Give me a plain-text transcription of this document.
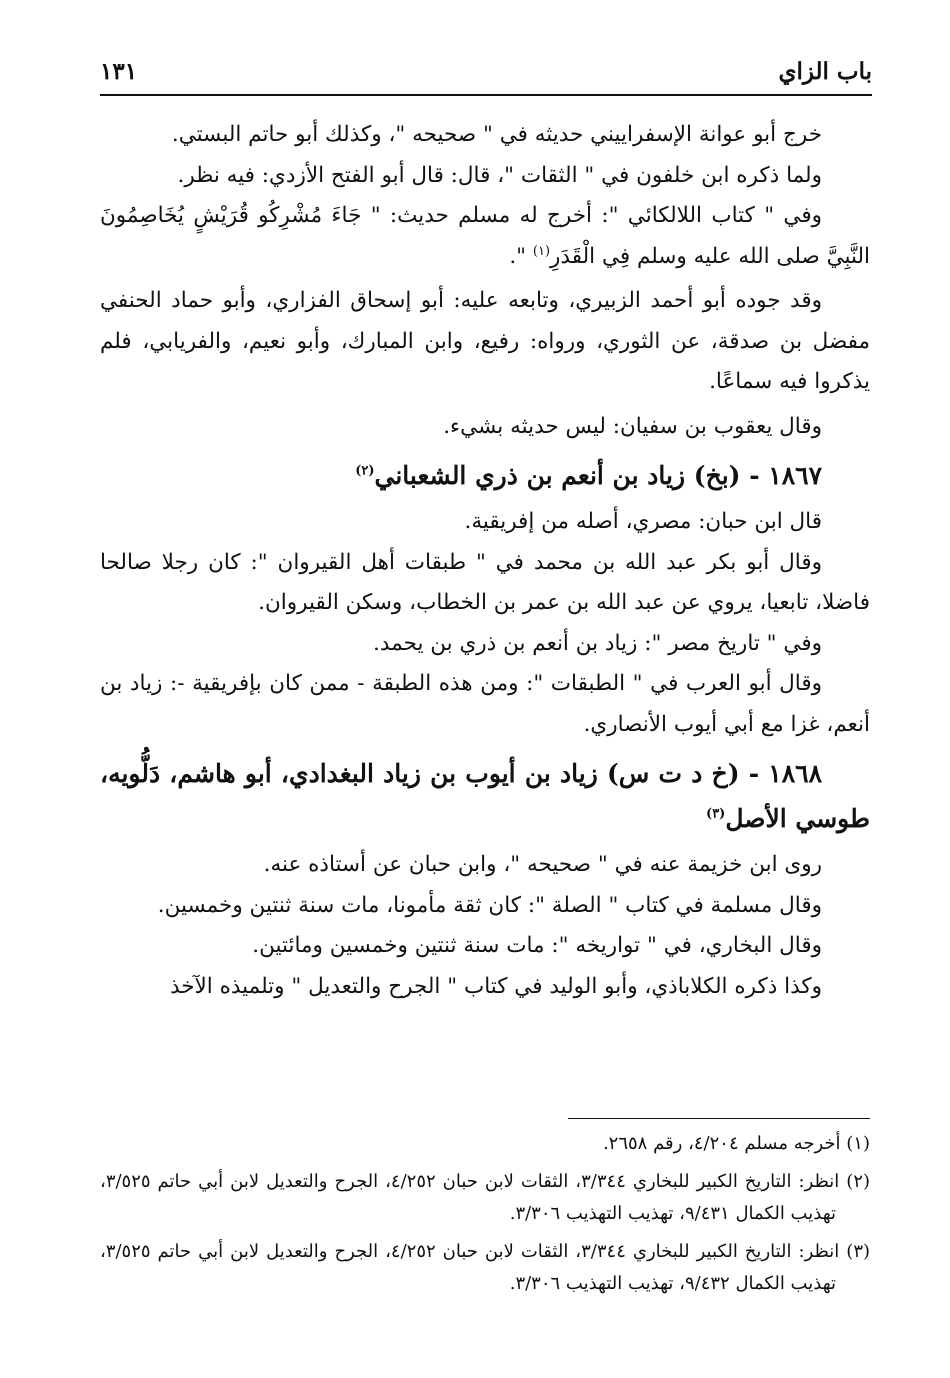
باب الزاي
١٣١

خرج أبو عوانة الإسفراييني حديثه في " صحيحه "، وكذلك أبو حاتم البستي.

ولما ذكره ابن خلفون في " الثقات "، قال: قال أبو الفتح الأزدي: فيه نظر.

وفي " كتاب اللالكائي ": أخرج له مسلم حديث: " جَاءَ مُشْرِكُو قُرَيْشٍ يُخَاصِمُونَ النَّبِيَّ صلى الله عليه وسلم فِي الْقَدَرِ$^{(١)}$ ".

وقد جوده أبو أحمد الزبيري، وتابعه عليه: أبو إسحاق الفزاري، وأبو حماد الحنفي مفضل بن صدقة، عن الثوري، ورواه: رفيع، وابن المبارك، وأبو نعيم، والفريابي، فلم يذكروا فيه سماعًا.

وقال يعقوب بن سفيان: ليس حديثه بشيء.

١٨٦٧ - (بخ) زياد بن أنعم بن ذري الشعباني$^{(٢)}$

قال ابن حبان: مصري، أصله من إفريقية.

وقال أبو بكر عبد الله بن محمد في " طبقات أهل القيروان ": كان رجلا صالحا فاضلا، تابعيا، يروي عن عبد الله بن عمر بن الخطاب، وسكن القيروان.

وفي " تاريخ مصر ": زياد بن أنعم بن ذري بن يحمد.

وقال أبو العرب في " الطبقات ": ومن هذه الطبقة - ممن كان بإفريقية -: زياد بن أنعم، غزا مع أبي أيوب الأنصاري.

١٨٦٨ - (خ د ت س) زياد بن أيوب بن زياد البغدادي، أبو هاشم، دَلُّويه، طوسي الأصل$^{(٣)}$

روى ابن خزيمة عنه في " صحيحه "، وابن حبان عن أستاذه عنه.

وقال مسلمة في كتاب " الصلة ": كان ثقة مأمونا، مات سنة ثنتين وخمسين.

وقال البخاري، في " تواريخه ": مات سنة ثنتين وخمسين ومائتين.

وكذا ذكره الكلاباذي، وأبو الوليد في كتاب " الجرح والتعديل " وتلميذه الآخذ

(١) أخرجه مسلم ٤/٢٠٤، رقم ٢٦٥٨.

(٢) انظر: التاريخ الكبير للبخاري ٣/٣٤٤، الثقات لابن حبان ٤/٢٥٢، الجرح والتعديل لابن أبي حاتم ٣/٥٢٥، تهذيب الكمال ٩/٤٣١، تهذيب التهذيب ٣/٣٠٦.

(٣) انظر: التاريخ الكبير للبخاري ٣/٣٤٤، الثقات لابن حبان ٤/٢٥٢، الجرح والتعديل لابن أبي حاتم ٣/٥٢٥، تهذيب الكمال ٩/٤٣٢، تهذيب التهذيب ٣/٣٠٦.
